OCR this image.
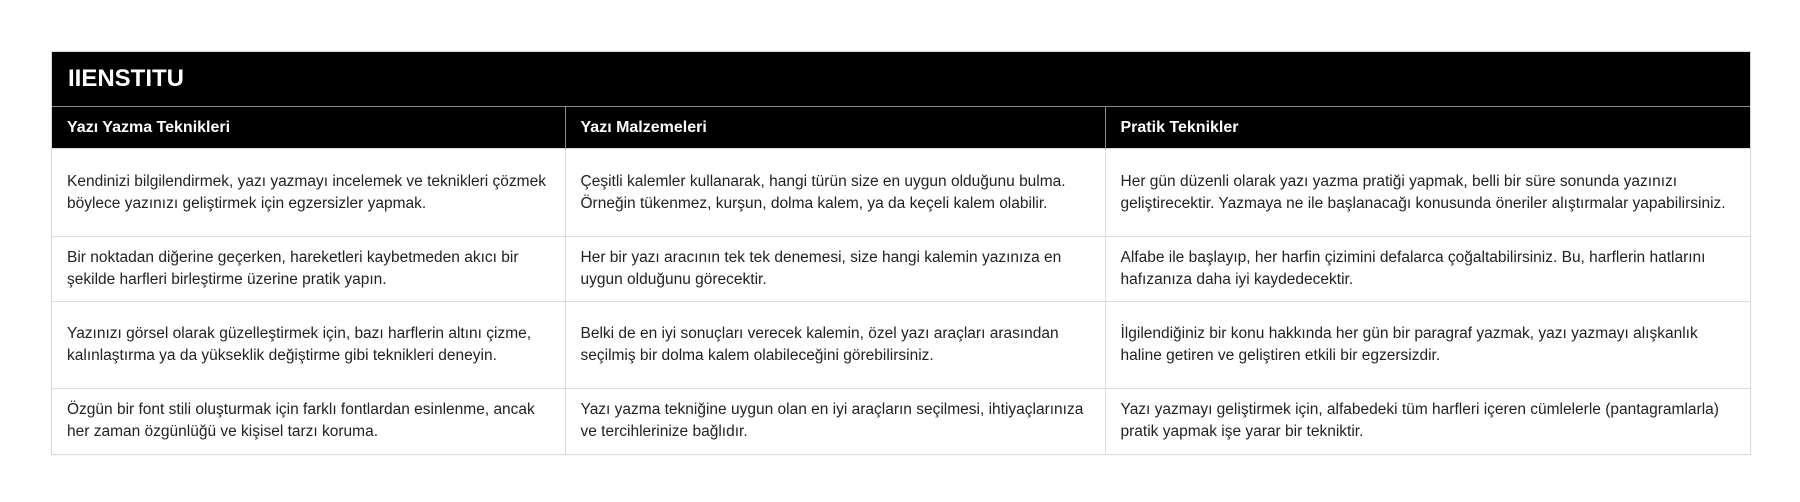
IIENSTITU
Yazı Yazma Teknikleri	Yazı Malzemeleri	Pratik Teknikler
Kendinizi bilgilendirmek, yazı yazmayı incelemek ve teknikleri çözmek böylece yazınızı geliştirmek için egzersizler yapmak.	Çeşitli kalemler kullanarak, hangi türün size en uygun olduğunu bulma. Örneğin tükenmez, kurşun, dolma kalem, ya da keçeli kalem olabilir.	Her gün düzenli olarak yazı yazma pratiği yapmak, belli bir süre sonunda yazınızı geliştirecektir. Yazmaya ne ile başlanacağı konusunda öneriler alıştırmalar yapabilirsiniz.
Bir noktadan diğerine geçerken, hareketleri kaybetmeden akıcı bir şekilde harfleri birleştirme üzerine pratik yapın.	Her bir yazı aracının tek tek denemesi, size hangi kalemin yazınıza en uygun olduğunu görecektir.	Alfabe ile başlayıp, her harfin çizimini defalarca çoğaltabilirsiniz. Bu, harflerin hatlarını hafızanıza daha iyi kaydedecektir.
Yazınızı görsel olarak güzelleştirmek için, bazı harflerin altını çizme, kalınlaştırma ya da yükseklik değiştirme gibi teknikleri deneyin.	Belki de en iyi sonuçları verecek kalemin, özel yazı araçları arasından seçilmiş bir dolma kalem olabileceğini görebilirsiniz.	İlgilendiğiniz bir konu hakkında her gün bir paragraf yazmak, yazı yazmayı alışkanlık haline getiren ve geliştiren etkili bir egzersizdir.
Özgün bir font stili oluşturmak için farklı fontlardan esinlenme, ancak her zaman özgünlüğü ve kişisel tarzı koruma.	Yazı yazma tekniğine uygun olan en iyi araçların seçilmesi, ihtiyaçlarınıza ve tercihlerinize bağlıdır.	Yazı yazmayı geliştirmek için, alfabedeki tüm harfleri içeren cümlelerle (pantagramlarla) pratik yapmak işe yarar bir tekniktir.
